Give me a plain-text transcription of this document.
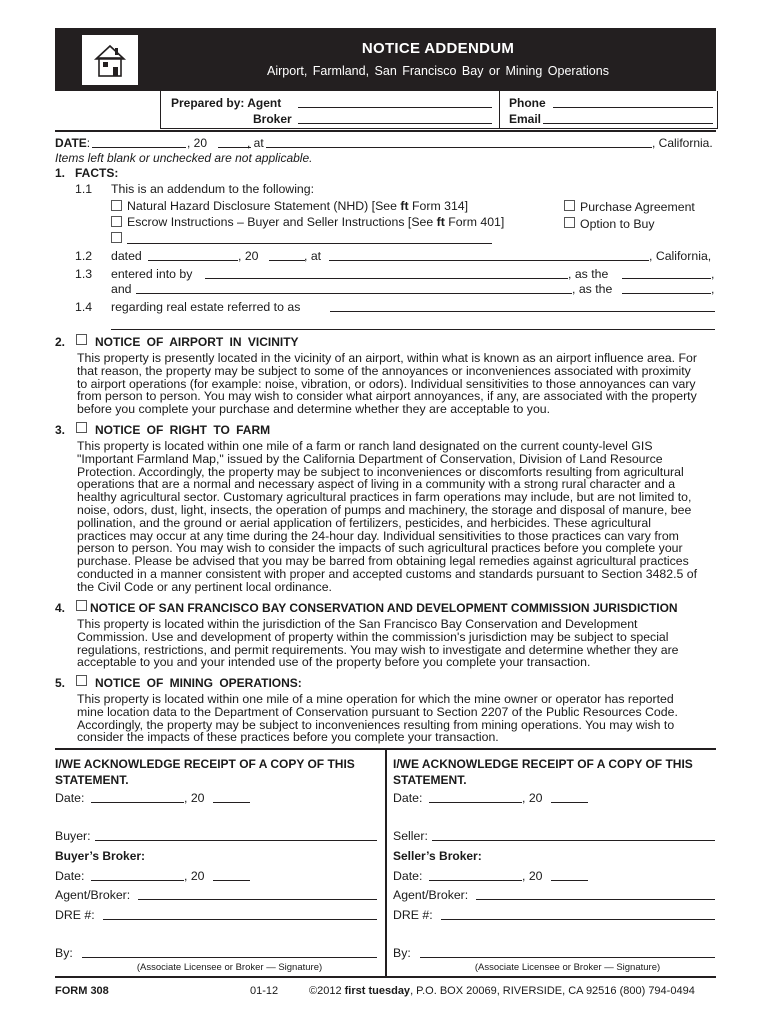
NOTICE ADDENDUM
Airport, Farmland, San Francisco Bay or Mining Operations
Prepared by: Agent
Broker
Phone
Email
DATE:	, 20	, at	, California.
Items left blank or unchecked are not applicable.
1. FACTS:
1.1 This is an addendum to the following:
Natural Hazard Disclosure Statement (NHD) [See ft Form 314]
Escrow Instructions – Buyer and Seller Instructions [See ft Form 401]
Purchase Agreement
Option to Buy
1.2 dated	, 20	, at	, California,
1.3 entered into by	, as the	,
and	, as the	,
1.4 regarding real estate referred to as
2. NOTICE OF AIRPORT IN VICINITY
This property is presently located in the vicinity of an airport, within what is known as an airport influence area. For
that reason, the property may be subject to some of the annoyances or inconveniences associated with proximity
to airport operations (for example: noise, vibration, or odors). Individual sensitivities to those annoyances can vary
from person to person. You may wish to consider what airport annoyances, if any, are associated with the property
before you complete your purchase and determine whether they are acceptable to you.
3. NOTICE OF RIGHT TO FARM
This property is located within one mile of a farm or ranch land designated on the current county-level GIS
"Important Farmland Map," issued by the California Department of Conservation, Division of Land Resource
Protection. Accordingly, the property may be subject to inconveniences or discomforts resulting from agricultural
operations that are a normal and necessary aspect of living in a community with a strong rural character and a
healthy agricultural sector. Customary agricultural practices in farm operations may include, but are not limited to,
noise, odors, dust, light, insects, the operation of pumps and machinery, the storage and disposal of manure, bee
pollination, and the ground or aerial application of fertilizers, pesticides, and herbicides. These agricultural
practices may occur at any time during the 24-hour day. Individual sensitivities to those practices can vary from
person to person. You may wish to consider the impacts of such agricultural practices before you complete your
purchase. Please be advised that you may be barred from obtaining legal remedies against agricultural practices
conducted in a manner consistent with proper and accepted customs and standards pursuant to Section 3482.5 of
the Civil Code or any pertinent local ordinance.
4. NOTICE OF SAN FRANCISCO BAY CONSERVATION AND DEVELOPMENT COMMISSION JURISDICTION
This property is located within the jurisdiction of the San Francisco Bay Conservation and Development
Commission. Use and development of property within the commission's jurisdiction may be subject to special
regulations, restrictions, and permit requirements. You may wish to investigate and determine whether they are
acceptable to you and your intended use of the property before you complete your transaction.
5. NOTICE OF MINING OPERATIONS:
This property is located within one mile of a mine operation for which the mine owner or operator has reported
mine location data to the Department of Conservation pursuant to Section 2207 of the Public Resources Code.
Accordingly, the property may be subject to inconveniences resulting from mining operations. You may wish to
consider the impacts of these practices before you complete your transaction.
I/WE ACKNOWLEDGE RECEIPT OF A COPY OF THIS
STATEMENT.
Date:	, 20
Buyer:
Buyer’s Broker:
Date:	, 20
Agent/Broker:
DRE #:
By:
(Associate Licensee or Broker — Signature)
I/WE ACKNOWLEDGE RECEIPT OF A COPY OF THIS
STATEMENT.
Date:	, 20
Seller:
Seller’s Broker:
Date:	, 20
Agent/Broker:
DRE #:
By:
(Associate Licensee or Broker — Signature)
FORM 308	01-12	©2012 first tuesday, P.O. BOX 20069, RIVERSIDE, CA 92516 (800) 794-0494
